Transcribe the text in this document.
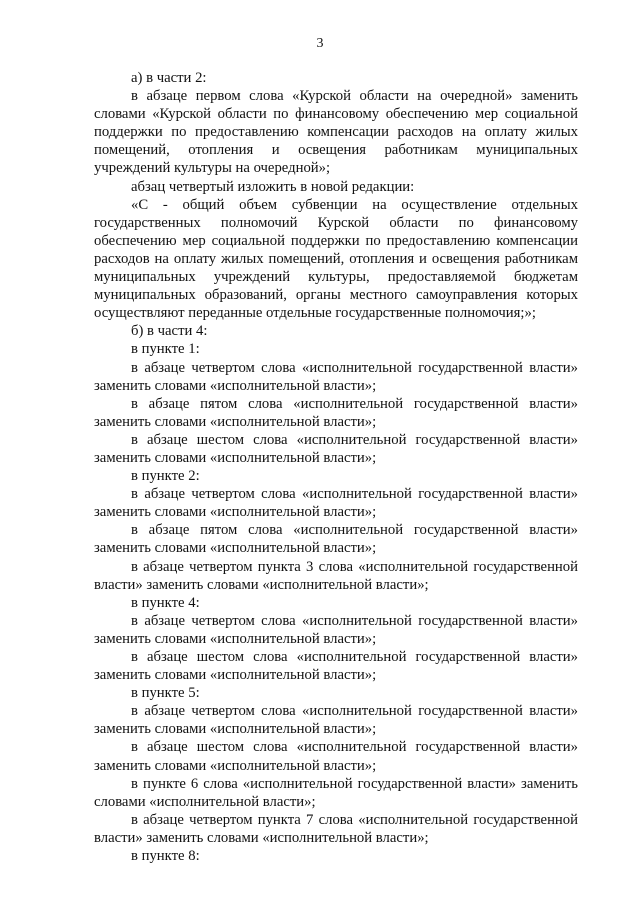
3

а) в части 2:

в абзаце первом слова «Курской области на очередной» заменить словами «Курской области по финансовому обеспечению мер социальной поддержки по предоставлению компенсации расходов на оплату жилых помещений, отопления и освещения работникам муниципальных учреждений культуры на очередной»;

абзац четвертый изложить в новой редакции:

«С - общий объем субвенции на осуществление отдельных государственных полномочий Курской области по финансовому обеспечению мер социальной поддержки по предоставлению компенсации расходов на оплату жилых помещений, отопления и освещения работникам муниципальных учреждений культуры, предоставляемой бюджетам муниципальных образований, органы местного самоуправления которых осуществляют переданные отдельные государственные полномочия;»;

б) в части 4:

в пункте 1:

в абзаце четвертом слова «исполнительной государственной власти» заменить словами «исполнительной власти»;

в абзаце пятом слова «исполнительной государственной власти» заменить словами «исполнительной власти»;

в абзаце шестом слова «исполнительной государственной власти» заменить словами «исполнительной власти»;

в пункте 2:

в абзаце четвертом слова «исполнительной государственной власти» заменить словами «исполнительной власти»;

в абзаце пятом слова «исполнительной государственной власти» заменить словами «исполнительной власти»;

в абзаце четвертом пункта 3 слова «исполнительной государственной власти» заменить словами «исполнительной власти»;

в пункте 4:

в абзаце четвертом слова «исполнительной государственной власти» заменить словами «исполнительной власти»;

в абзаце шестом слова «исполнительной государственной власти» заменить словами «исполнительной власти»;

в пункте 5:

в абзаце четвертом слова «исполнительной государственной власти» заменить словами «исполнительной власти»;

в абзаце шестом слова «исполнительной государственной власти» заменить словами «исполнительной власти»;

в пункте 6 слова «исполнительной государственной власти» заменить словами «исполнительной власти»;

в абзаце четвертом пункта 7 слова «исполнительной государственной власти» заменить словами «исполнительной власти»;

в пункте 8:
